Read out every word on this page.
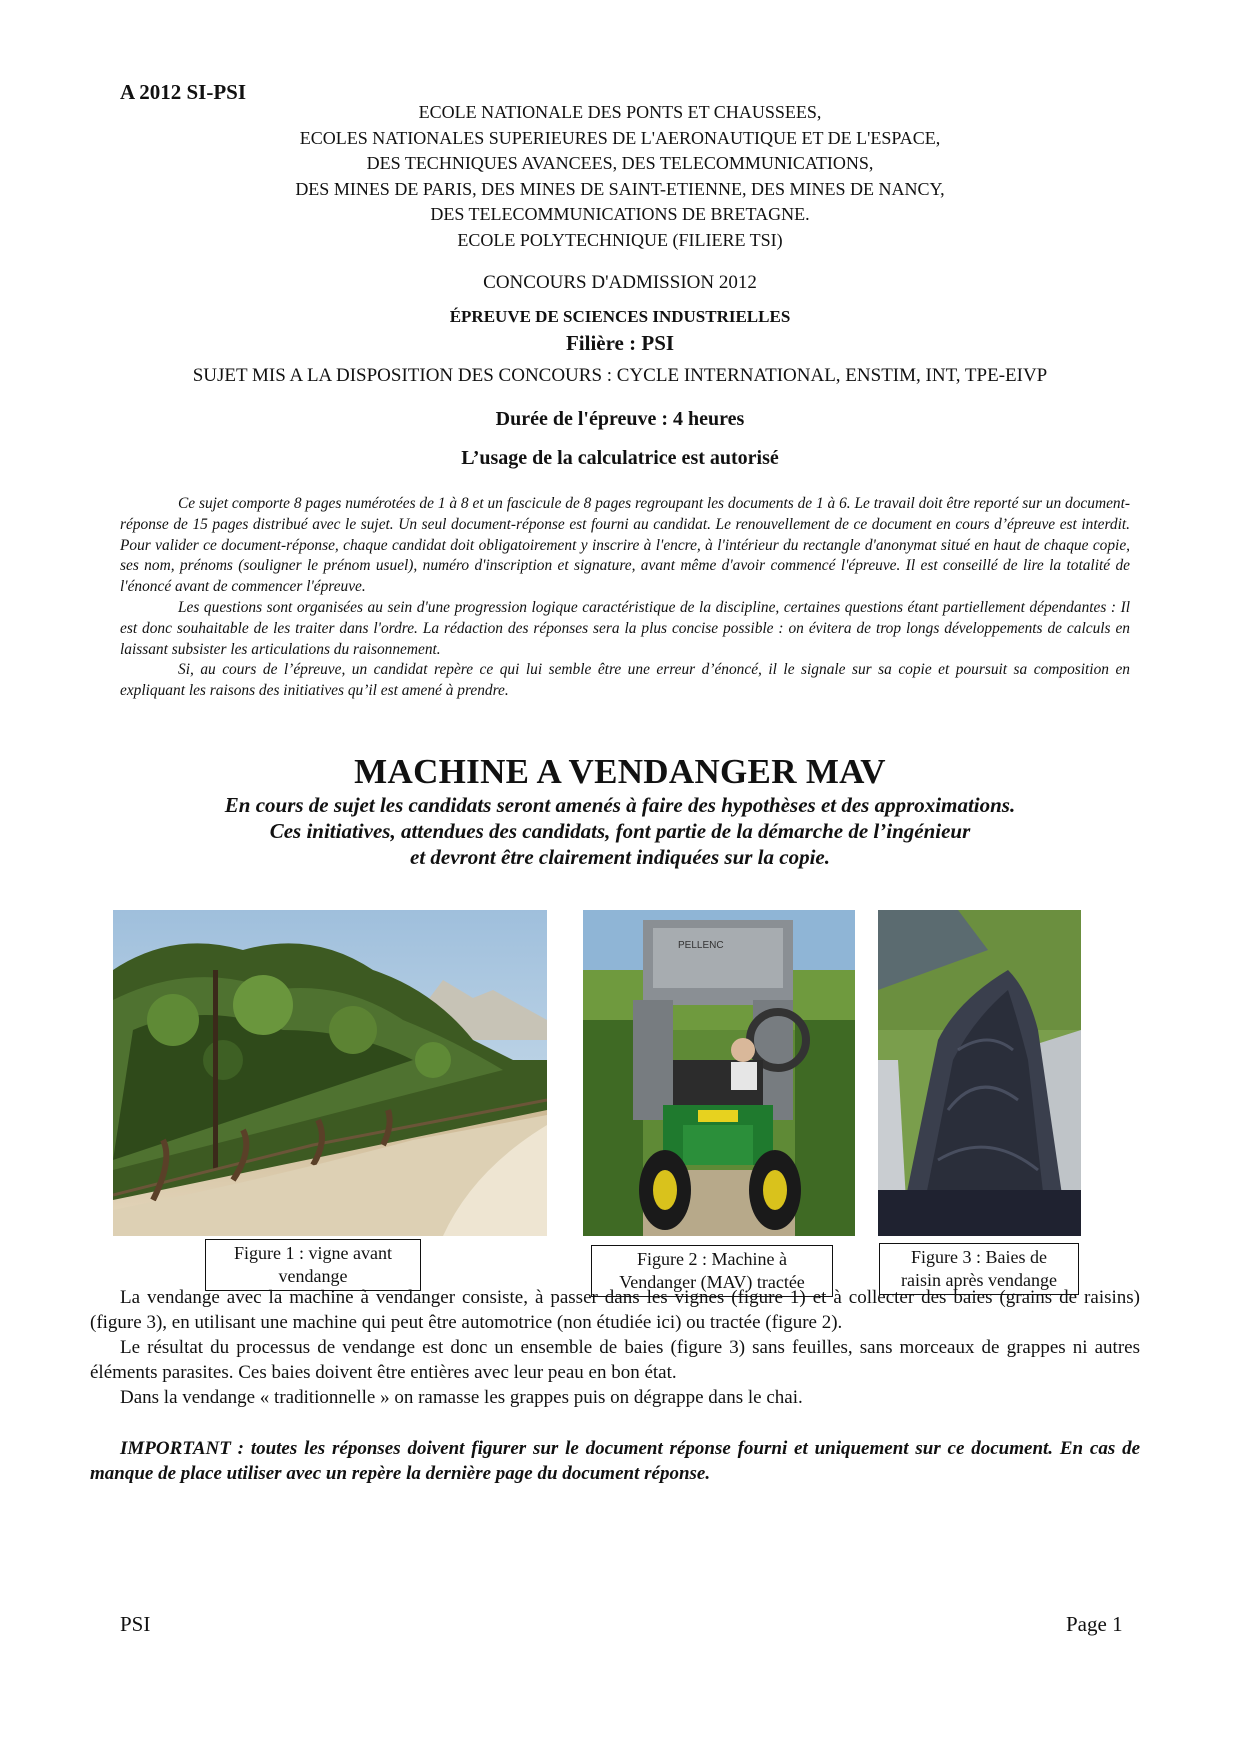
A 2012 SI-PSI
ECOLE NATIONALE DES PONTS ET CHAUSSEES,
ECOLES NATIONALES SUPERIEURES DE L'AERONAUTIQUE ET DE L'ESPACE,
DES TECHNIQUES AVANCEES, DES TELECOMMUNICATIONS,
DES MINES DE PARIS, DES MINES DE SAINT-ETIENNE, DES MINES DE NANCY,
DES TELECOMMUNICATIONS DE BRETAGNE.
ECOLE POLYTECHNIQUE (FILIERE TSI)
CONCOURS D'ADMISSION 2012
ÉPREUVE DE SCIENCES INDUSTRIELLES
Filière : PSI
SUJET MIS A LA DISPOSITION DES CONCOURS : CYCLE INTERNATIONAL, ENSTIM, INT, TPE-EIVP
Durée de l'épreuve : 4 heures
L’usage de la calculatrice est autorisé

Ce sujet comporte 8 pages numérotées de 1 à 8 et un fascicule de 8 pages regroupant les documents de 1 à 6. Le travail doit être reporté sur un document-réponse de 15 pages distribué avec le sujet. Un seul document-réponse est fourni au candidat. Le renouvellement de ce document en cours d’épreuve est interdit. Pour valider ce document-réponse, chaque candidat doit obligatoirement y inscrire à l'encre, à l'intérieur du rectangle d'anonymat situé en haut de chaque copie, ses nom, prénoms (souligner le prénom usuel), numéro d'inscription et signature, avant même d'avoir commencé l'épreuve. Il est conseillé de lire la totalité de l'énoncé avant de commencer l'épreuve.

Les questions sont organisées au sein d'une progression logique caractéristique de la discipline, certaines questions étant partiellement dépendantes : Il est donc souhaitable de les traiter dans l'ordre. La rédaction des réponses sera la plus concise possible : on évitera de trop longs développements de calculs en laissant subsister les articulations du raisonnement.

Si, au cours de l’épreuve, un candidat repère ce qui lui semble être une erreur d’énoncé, il le signale sur sa copie et poursuit sa composition en expliquant les raisons des initiatives qu’il est amené à prendre.

MACHINE A VENDANGER MAV
En cours de sujet les candidats seront amenés à faire des hypothèses et des approximations.
Ces initiatives, attendues des candidats, font partie de la démarche de l’ingénieur
et devront être clairement indiquées sur la copie.
PELLENC
Figure 1 : vigne avant
vendange
Figure 2 : Machine à
Vendanger (MAV) tractée
Figure 3 : Baies de
raisin après vendange

La vendange avec la machine à vendanger consiste, à passer dans les vignes (figure 1) et à collecter des baies (grains de raisins) (figure 3), en utilisant une machine qui peut être automotrice (non étudiée ici) ou tractée (figure 2).

Le résultat du processus de vendange est donc un ensemble de baies (figure 3) sans feuilles, sans morceaux de grappes ni autres éléments parasites. Ces baies doivent être entières avec leur peau en bon état.

Dans la vendange « traditionnelle » on ramasse les grappes puis on dégrappe dans le chai.

IMPORTANT : toutes les réponses doivent figurer sur le document réponse fourni et uniquement sur ce document. En cas de manque de place utiliser avec un repère la dernière page du document réponse.
PSI	Page 1
